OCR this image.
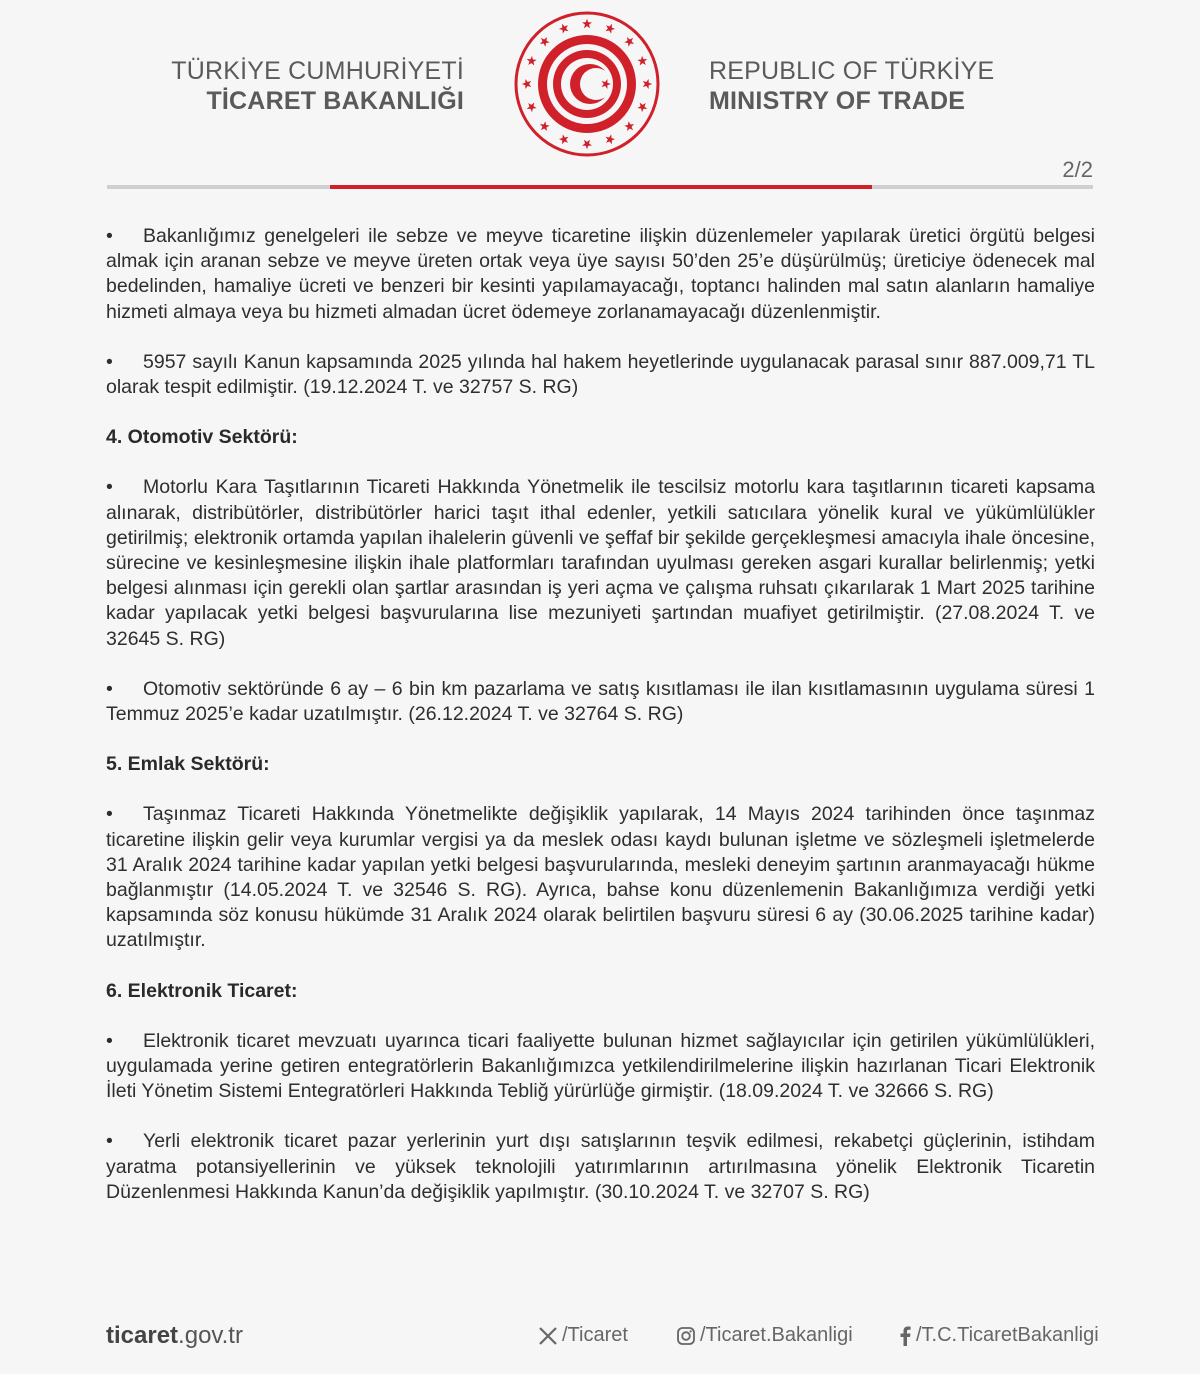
TÜRKİYE CUMHURİYETİ
TİCARET BAKANLIĞI
REPUBLIC OF TÜRKİYE
MINISTRY OF TRADE
2/2

• Bakanlığımız genelgeleri ile sebze ve meyve ticaretine ilişkin düzenlemeler yapılarak üretici örgütü belgesi almak için aranan sebze ve meyve üreten ortak veya üye sayısı 50’den 25’e düşürülmüş; üreticiye ödenecek mal bedelinden, hamaliye ücreti ve benzeri bir kesinti yapılamayacağı, toptancı halinden mal satın alanların hamaliye hizmeti almaya veya bu hizmeti almadan ücret ödemeye zorlanamayacağı düzenlenmiştir.

• 5957 sayılı Kanun kapsamında 2025 yılında hal hakem heyetlerinde uygulanacak parasal sınır 887.009,71 TL olarak tespit edilmiştir. (19.12.2024 T. ve 32757 S. RG)

4. Otomotiv Sektörü:

• Motorlu Kara Taşıtlarının Ticareti Hakkında Yönetmelik ile tescilsiz motorlu kara taşıtlarının ticareti kapsama alınarak, distribütörler, distribütörler harici taşıt ithal edenler, yetkili satıcılara yönelik kural ve yükümlülükler getirilmiş; elektronik ortamda yapılan ihalelerin güvenli ve şeffaf bir şekilde gerçekleşmesi amacıyla ihale öncesine, sürecine ve kesinleşmesine ilişkin ihale platformları tarafından uyulması gereken asgari kurallar belirlenmiş; yetki belgesi alınması için gerekli olan şartlar arasından iş yeri açma ve çalışma ruhsatı çıkarılarak 1 Mart 2025 tarihine kadar yapılacak yetki belgesi başvurularına lise mezuniyeti şartından muafiyet getirilmiştir. (27.08.2024 T. ve 32645 S. RG)

• Otomotiv sektöründe 6 ay – 6 bin km pazarlama ve satış kısıtlaması ile ilan kısıtlamasının uygulama süresi 1 Temmuz 2025’e kadar uzatılmıştır. (26.12.2024 T. ve 32764 S. RG)

5. Emlak Sektörü:

• Taşınmaz Ticareti Hakkında Yönetmelikte değişiklik yapılarak, 14 Mayıs 2024 tarihinden önce taşınmaz ticaretine ilişkin gelir veya kurumlar vergisi ya da meslek odası kaydı bulunan işletme ve sözleşmeli işletmelerde 31 Aralık 2024 tarihine kadar yapılan yetki belgesi başvurularında, mesleki deneyim şartının aranmayacağı hükme bağlanmıştır (14.05.2024 T. ve 32546 S. RG). Ayrıca, bahse konu düzenlemenin Bakanlığımıza verdiği yetki kapsamında söz konusu hükümde 31 Aralık 2024 olarak belirtilen başvuru süresi 6 ay (30.06.2025 tarihine kadar) uzatılmıştır.

6. Elektronik Ticaret:

• Elektronik ticaret mevzuatı uyarınca ticari faaliyette bulunan hizmet sağlayıcılar için getirilen yükümlülükleri, uygulamada yerine getiren entegratörlerin Bakanlığımızca yetkilendirilmelerine ilişkin hazırlanan Ticari Elektronik İleti Yönetim Sistemi Entegratörleri Hakkında Tebliğ yürürlüğe girmiştir. (18.09.2024 T. ve 32666 S. RG)

• Yerli elektronik ticaret pazar yerlerinin yurt dışı satışlarının teşvik edilmesi, rekabetçi güçlerinin, istihdam yaratma potansiyellerinin ve yüksek teknolojili yatırımlarının artırılmasına yönelik Elektronik Ticaretin Düzenlenmesi Hakkında Kanun’da değişiklik yapılmıştır. (30.10.2024 T. ve 32707 S. RG)

ticaret.gov.tr	/Ticaret	/Ticaret.Bakanligi	/T.C.TicaretBakanligi
